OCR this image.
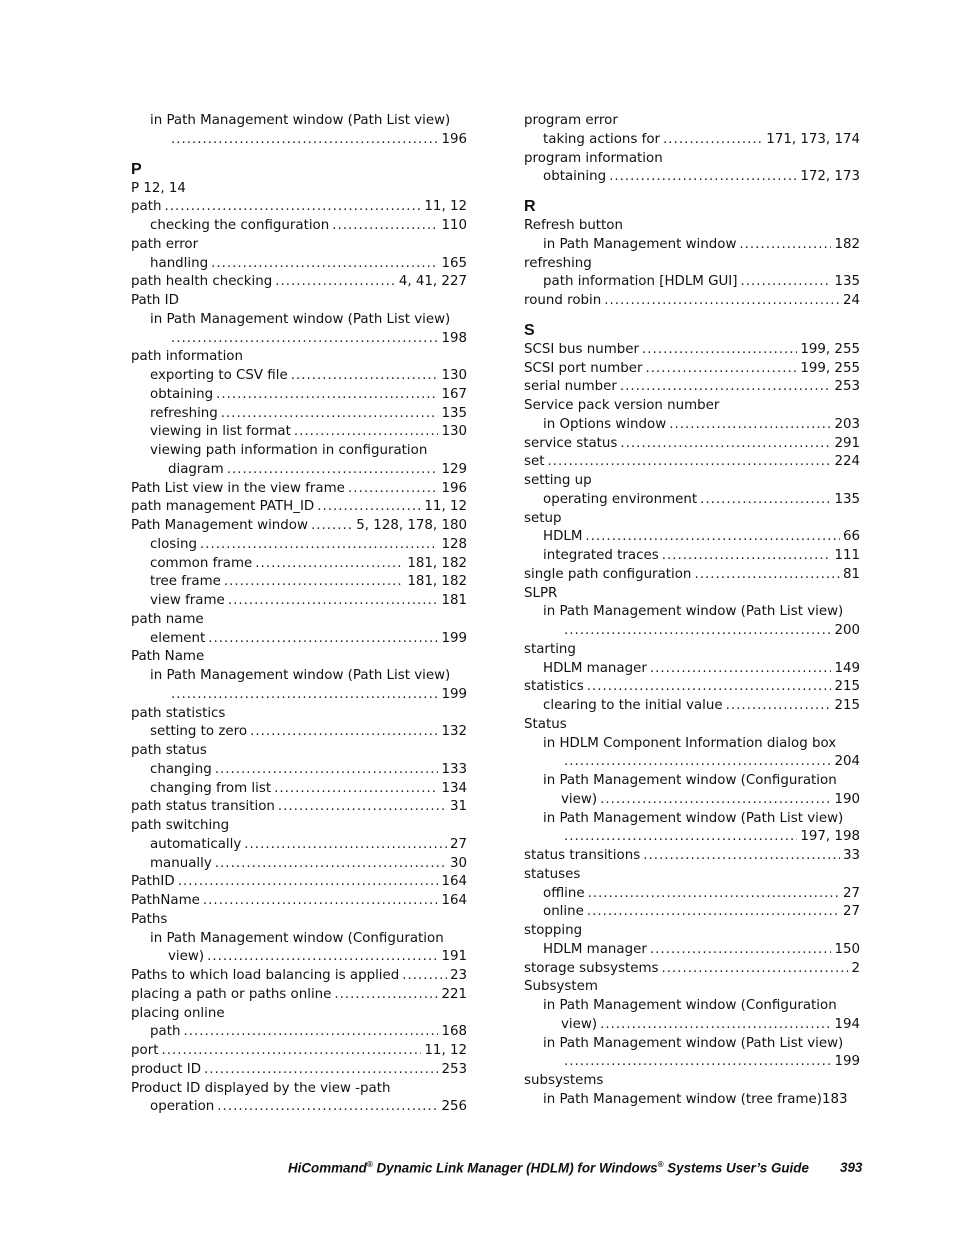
in Path Management window (Path List view)
.....
196
P
P 12, 14
path .....	11, 12
checking the configuration .....	110
path error
handling .....	165
path health checking .....	4, 41, 227
Path ID
in Path Management window (Path List view)
.....
198
path information
exporting to CSV file .....	130
obtaining .....	167
refreshing .....	135
viewing in list format .....	130
viewing path information in configuration
diagram .....	129
Path List view in the view frame .....	196
path management PATH_ID .....	11, 12
Path Management window .....	5, 128, 178, 180
closing .....	128
common frame .....	181, 182
tree frame .....	181, 182
view frame .....	181
path name
element .....	199
Path Name
in Path Management window (Path List view)
.....
199
path statistics
setting to zero .....	132
path status
changing .....	133
changing from list .....	134
path status transition .....	31
path switching
automatically .....	27
manually .....	30
PathID .....	164
PathName .....	164
Paths
in Path Management window (Configuration
view) .....	191
Paths to which load balancing is applied .....	23
placing a path or paths online .....	221
placing online
path .....	168
port .....	11, 12
product ID .....	253
Product ID displayed by the view -path
operation .....	256
program error
taking actions for .....	171, 173, 174
program information
obtaining .....	172, 173
R
Refresh button
in Path Management window .....	182
refreshing
path information [HDLM GUI] .....	135
round robin .....	24
S
SCSI bus number .....	199, 255
SCSI port number .....	199, 255
serial number .....	253
Service pack version number
in Options window .....	203
service status .....	291
set .....	224
setting up
operating environment .....	135
setup
HDLM .....	66
integrated traces .....	111
single path configuration .....	81
SLPR
in Path Management window (Path List view)
.....
200
starting
HDLM manager .....	149
statistics .....	215
clearing to the initial value .....	215
Status
in HDLM Component Information dialog box
.....
204
in Path Management window (Configuration
view) .....	190
in Path Management window (Path List view)
.....
197, 198
status transitions .....	33
statuses
offline .....	27
online .....	27
stopping
HDLM manager .....	150
storage subsystems .....	2
Subsystem
in Path Management window (Configuration
view) .....	194
in Path Management window (Path List view)
.....
199
subsystems
in Path Management window (tree frame) 183
HiCommand® Dynamic Link Manager (HDLM) for Windows® Systems User’s Guide 393
